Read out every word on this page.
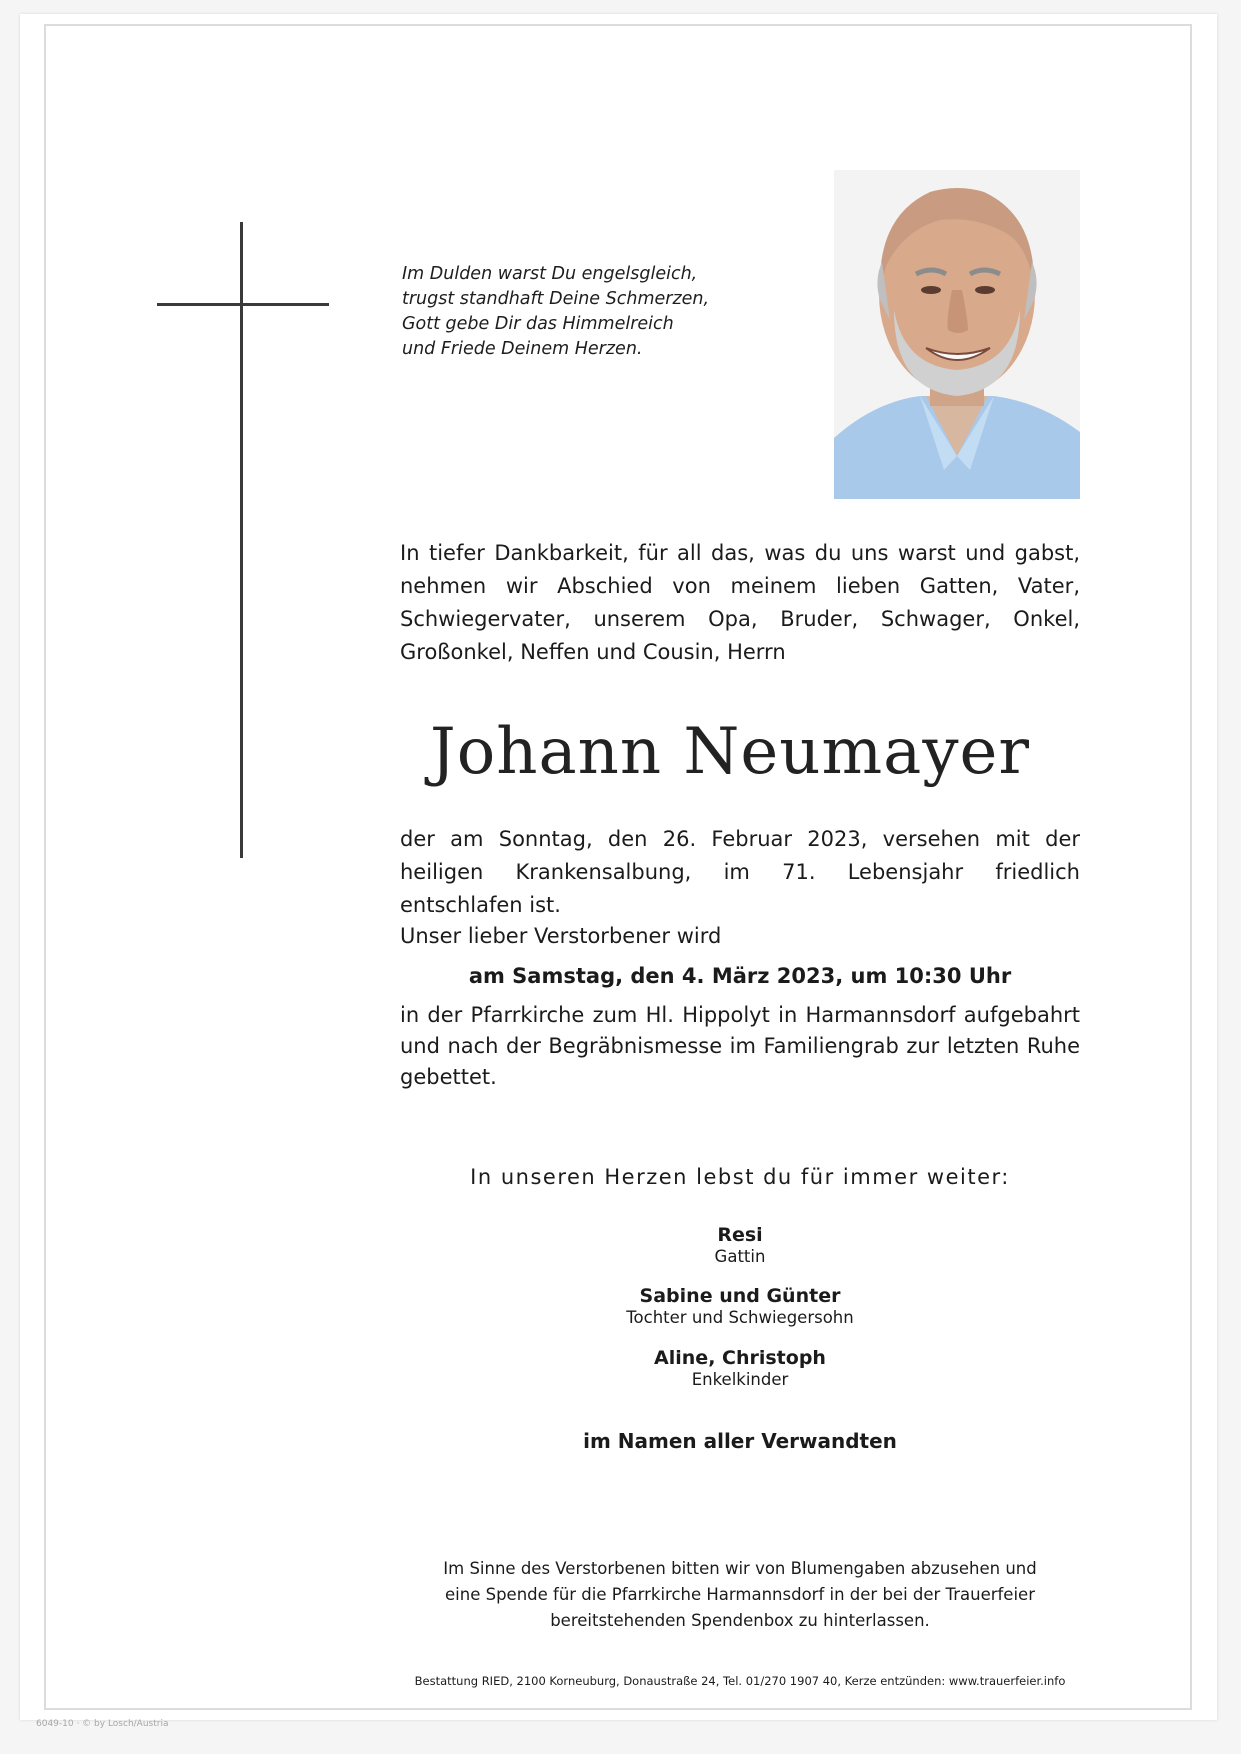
Im Dulden warst Du engelsgleich,
trugst standhaft Deine Schmerzen,
Gott gebe Dir das Himmelreich
und Friede Deinem Herzen.
In tiefer Dankbarkeit, für all das, was du uns warst und gabst, nehmen wir Abschied von meinem lieben Gatten, Vater, Schwiegervater, unserem Opa, Bruder, Schwager, Onkel, Großonkel, Neffen und Cousin, Herrn
Johann Neumayer
der am Sonntag, den 26. Februar 2023, versehen mit der heiligen Krankensalbung, im 71. Lebensjahr friedlich entschlafen ist.
Unser lieber Verstorbener wird
am Samstag, den 4. März 2023, um 10:30 Uhr
in der Pfarrkirche zum Hl. Hippolyt in Harmannsdorf aufgebahrt und nach der Begräbnismesse im Familiengrab zur letzten Ruhe gebettet.
In unseren Herzen lebst du für immer weiter:
Resi
Gattin
Sabine und Günter
Tochter und Schwiegersohn
Aline, Christoph
Enkelkinder
im Namen aller Verwandten
Im Sinne des Verstorbenen bitten wir von Blumengaben abzusehen und
eine Spende für die Pfarrkirche Harmannsdorf in der bei der Trauerfeier
bereitstehenden Spendenbox zu hinterlassen.
Bestattung RIED, 2100 Korneuburg, Donaustraße 24, Tel. 01/270 1907 40, Kerze entzünden: www.trauerfeier.info
6049-10 · © by Losch/Austria
